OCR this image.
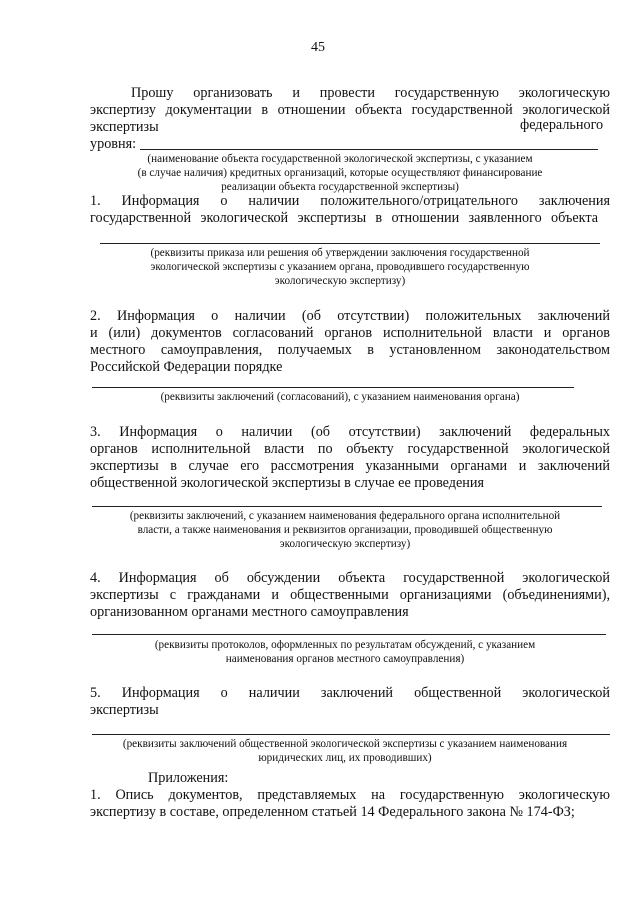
45
Прошу организовать и провести государственную экологическую
экспертизу документации в отношении объекта государственной экологической
экспертизы	федерального
уровня:
(наименование объекта государственной экологической экспертизы, с указанием
(в случае наличия) кредитных организаций, которые осуществляют финансирование
реализации объекта государственной экспертизы)
1. Информация о наличии положительного/отрицательного заключения
государственной экологической экспертизы в отношении заявленного объекта
(реквизиты приказа или решения об утверждении заключения государственной
экологической экспертизы с указанием органа, проводившего государственную
экологическую экспертизу)
2. Информация о наличии (об отсутствии) положительных заключений
и (или) документов согласований органов исполнительной власти и органов
местного самоуправления, получаемых в установленном законодательством
Российской Федерации порядке
(реквизиты заключений (согласований), с указанием наименования органа)
3. Информация о наличии (об отсутствии) заключений федеральных
органов исполнительной власти по объекту государственной экологической
экспертизы в случае его рассмотрения указанными органами и заключений
общественной экологической экспертизы в случае ее проведения
(реквизиты заключений, с указанием наименования федерального органа исполнительной
власти, а также наименования и реквизитов организации, проводившей общественную
экологическую экспертизу)
4. Информация об обсуждении объекта государственной экологической
экспертизы с гражданами и общественными организациями (объединениями),
организованном органами местного самоуправления
(реквизиты протоколов, оформленных по результатам обсуждений, с указанием
наименования органов местного самоуправления)
5. Информация о наличии заключений общественной экологической
экспертизы
(реквизиты заключений общественной экологической экспертизы с указанием наименования
юридических лиц, их проводивших)
Приложения:
1. Опись документов, представляемых на государственную экологическую
экспертизу в составе, определенном статьей 14 Федерального закона № 174-ФЗ;
